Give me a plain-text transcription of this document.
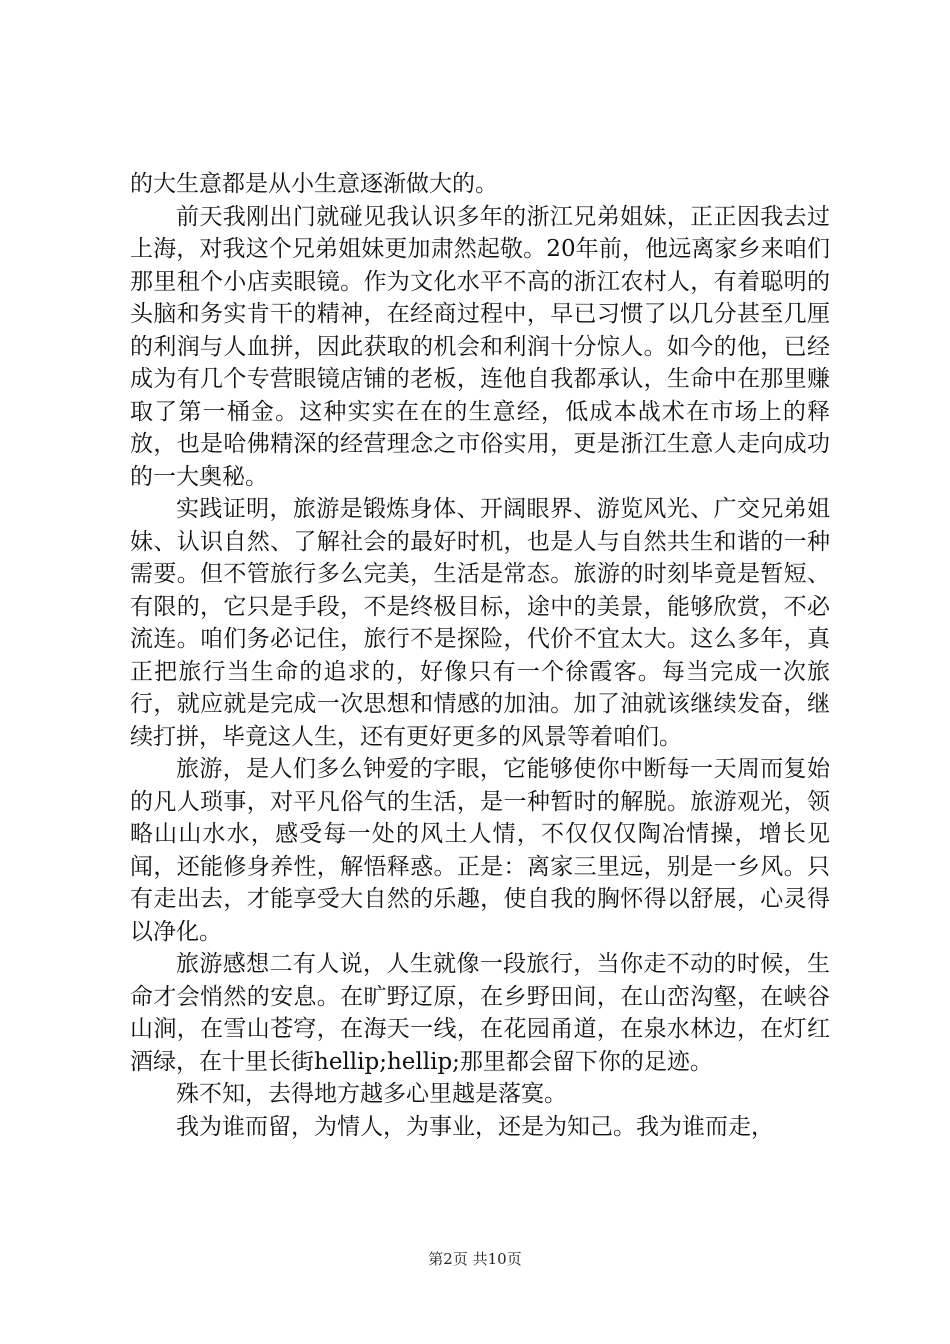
的大生意都是从小生意逐渐做大的。

前天我刚出门就碰见我认识多年的浙江兄弟姐妹，正正因我去过上海，对我这个兄弟姐妹更加肃然起敬。20年前，他远离家乡来咱们那里租个小店卖眼镜。作为文化水平不高的浙江农村人，有着聪明的头脑和务实肯干的精神，在经商过程中，早已习惯了以几分甚至几厘的利润与人血拼，因此获取的机会和利润十分惊人。如今的他，已经成为有几个专营眼镜店铺的老板，连他自我都承认，生命中在那里赚取了第一桶金。这种实实在在的生意经，低成本战术在市场上的释放，也是哈佛精深的经营理念之市俗实用，更是浙江生意人走向成功的一大奥秘。

实践证明，旅游是锻炼身体、开阔眼界、游览风光、广交兄弟姐妹、认识自然、了解社会的最好时机，也是人与自然共生和谐的一种需要。但不管旅行多么完美，生活是常态。旅游的时刻毕竟是暂短、有限的，它只是手段，不是终极目标，途中的美景，能够欣赏，不必流连。咱们务必记住，旅行不是探险，代价不宜太大。这么多年，真正把旅行当生命的追求的，好像只有一个徐霞客。每当完成一次旅行，就应就是完成一次思想和情感的加油。加了油就该继续发奋，继续打拼，毕竟这人生，还有更好更多的风景等着咱们。

旅游，是人们多么钟爱的字眼，它能够使你中断每一天周而复始的凡人琐事，对平凡俗气的生活，是一种暂时的解脱。旅游观光，领略山山水水，感受每一处的风土人情，不仅仅仅陶冶情操，增长见闻，还能修身养性，解悟释惑。正是：离家三里远，别是一乡风。只有走出去，才能享受大自然的乐趣，使自我的胸怀得以舒展，心灵得以净化。

旅游感想二有人说，人生就像一段旅行，当你走不动的时候，生命才会悄然的安息。在旷野辽原，在乡野田间，在山峦沟壑，在峡谷山涧，在雪山苍穹，在海天一线，在花园甬道，在泉水林边，在灯红酒绿，在十里长街hellip;hellip;那里都会留下你的足迹。

殊不知，去得地方越多心里越是落寞。

我为谁而留，为情人，为事业，还是为知己。我为谁而走，

第2页 共10页
